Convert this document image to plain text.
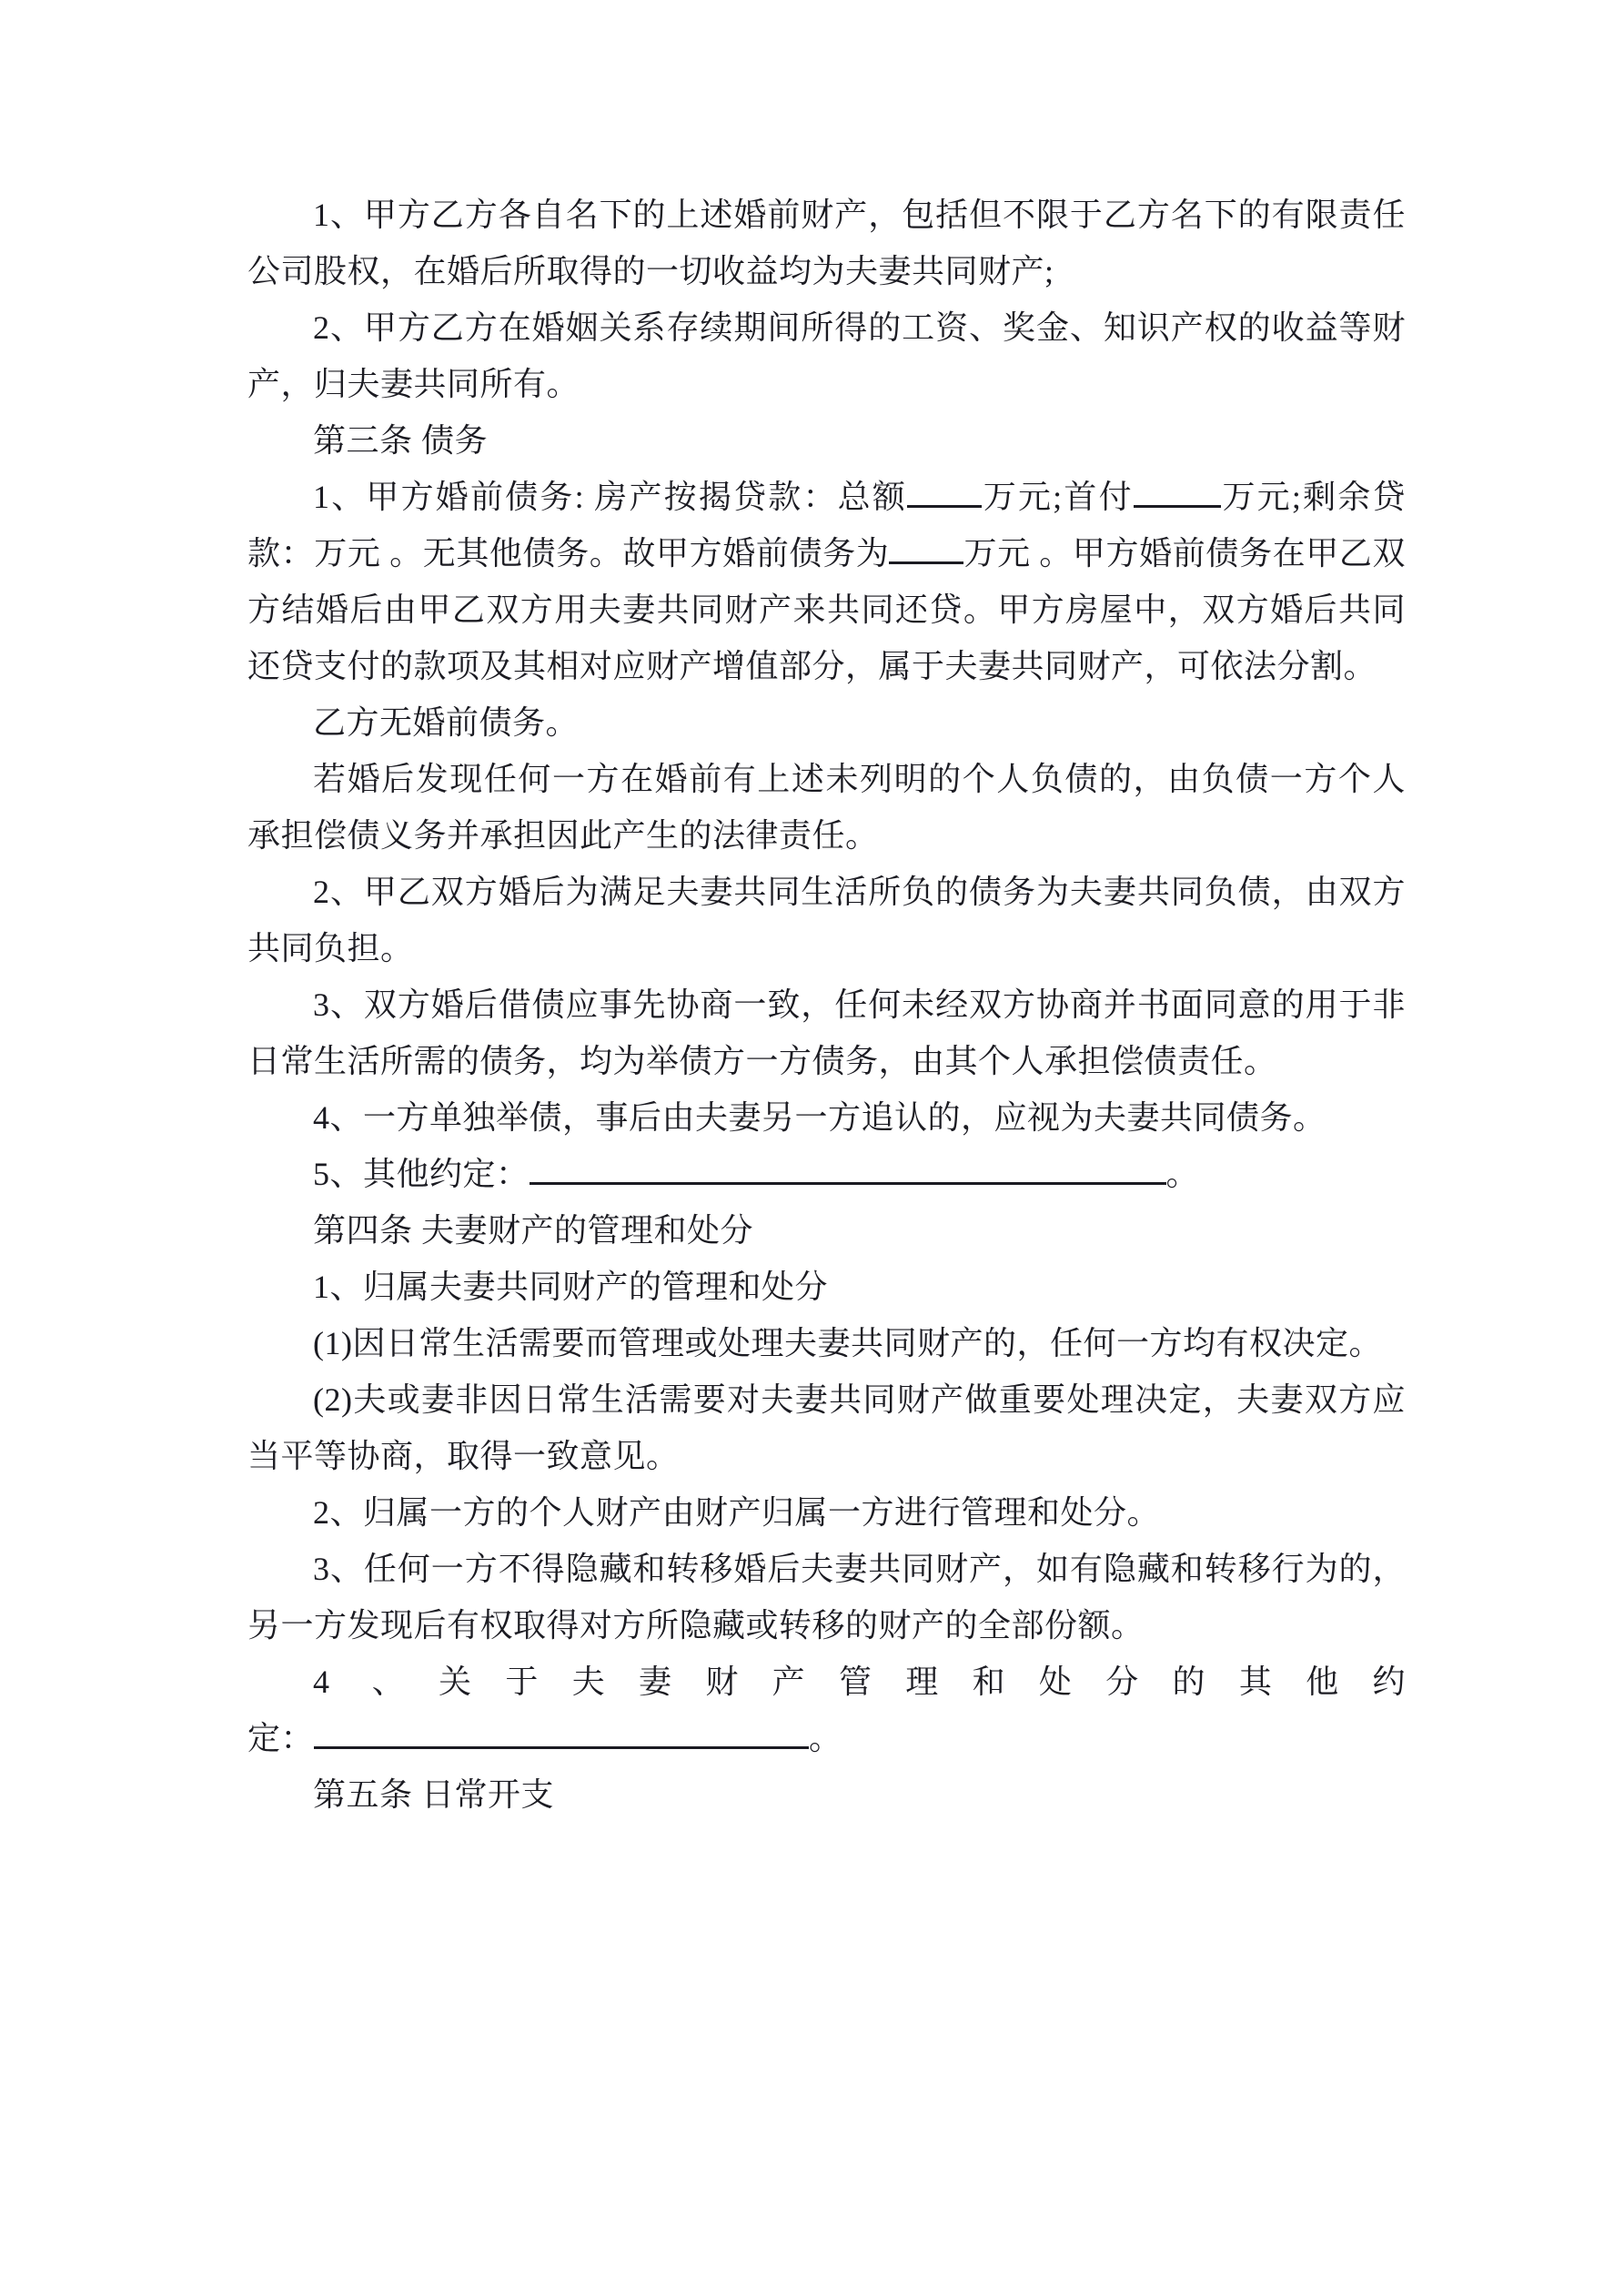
1、甲方乙方各自名下的上述婚前财产，包括但不限于乙方名下的有限责任公司股权，在婚后所取得的一切收益均为夫妻共同财产;

2、甲方乙方在婚姻关系存续期间所得的工资、奖金、知识产权的收益等财产，归夫妻共同所有。

第三条 债务

1、甲方婚前债务: 房产按揭贷款：总额 万元;首付	万元;剩余贷款：万元 。无其他债务。故甲方婚前债务为 万元 。甲方婚前债务在甲乙双方结婚后由甲乙双方用夫妻共同财产来共同还贷。甲方房屋中，双方婚后共同还贷支付的款项及其相对应财产增值部分，属于夫妻共同财产，可依法分割。

乙方无婚前债务。

若婚后发现任何一方在婚前有上述未列明的个人负债的，由负债一方个人承担偿债义务并承担因此产生的法律责任。

2、甲乙双方婚后为满足夫妻共同生活所负的债务为夫妻共同负债，由双方共同负担。

3、双方婚后借债应事先协商一致，任何未经双方协商并书面同意的用于非日常生活所需的债务，均为举债方一方债务，由其个人承担偿债责任。

4、一方单独举债，事后由夫妻另一方追认的，应视为夫妻共同债务。

5、其他约定：	。

第四条 夫妻财产的管理和处分

1、归属夫妻共同财产的管理和处分

(1)因日常生活需要而管理或处理夫妻共同财产的，任何一方均有权决定。

(2)夫或妻非因日常生活需要对夫妻共同财产做重要处理决定，夫妻双方应当平等协商，取得一致意见。

2、归属一方的个人财产由财产归属一方进行管理和处分。

3、任何一方不得隐藏和转移婚后夫妻共同财产，如有隐藏和转移行为的，另一方发现后有权取得对方所隐藏或转移的财产的全部份额。

4 、关于夫妻财产管理和处分的其他约

定：	。

第五条 日常开支
